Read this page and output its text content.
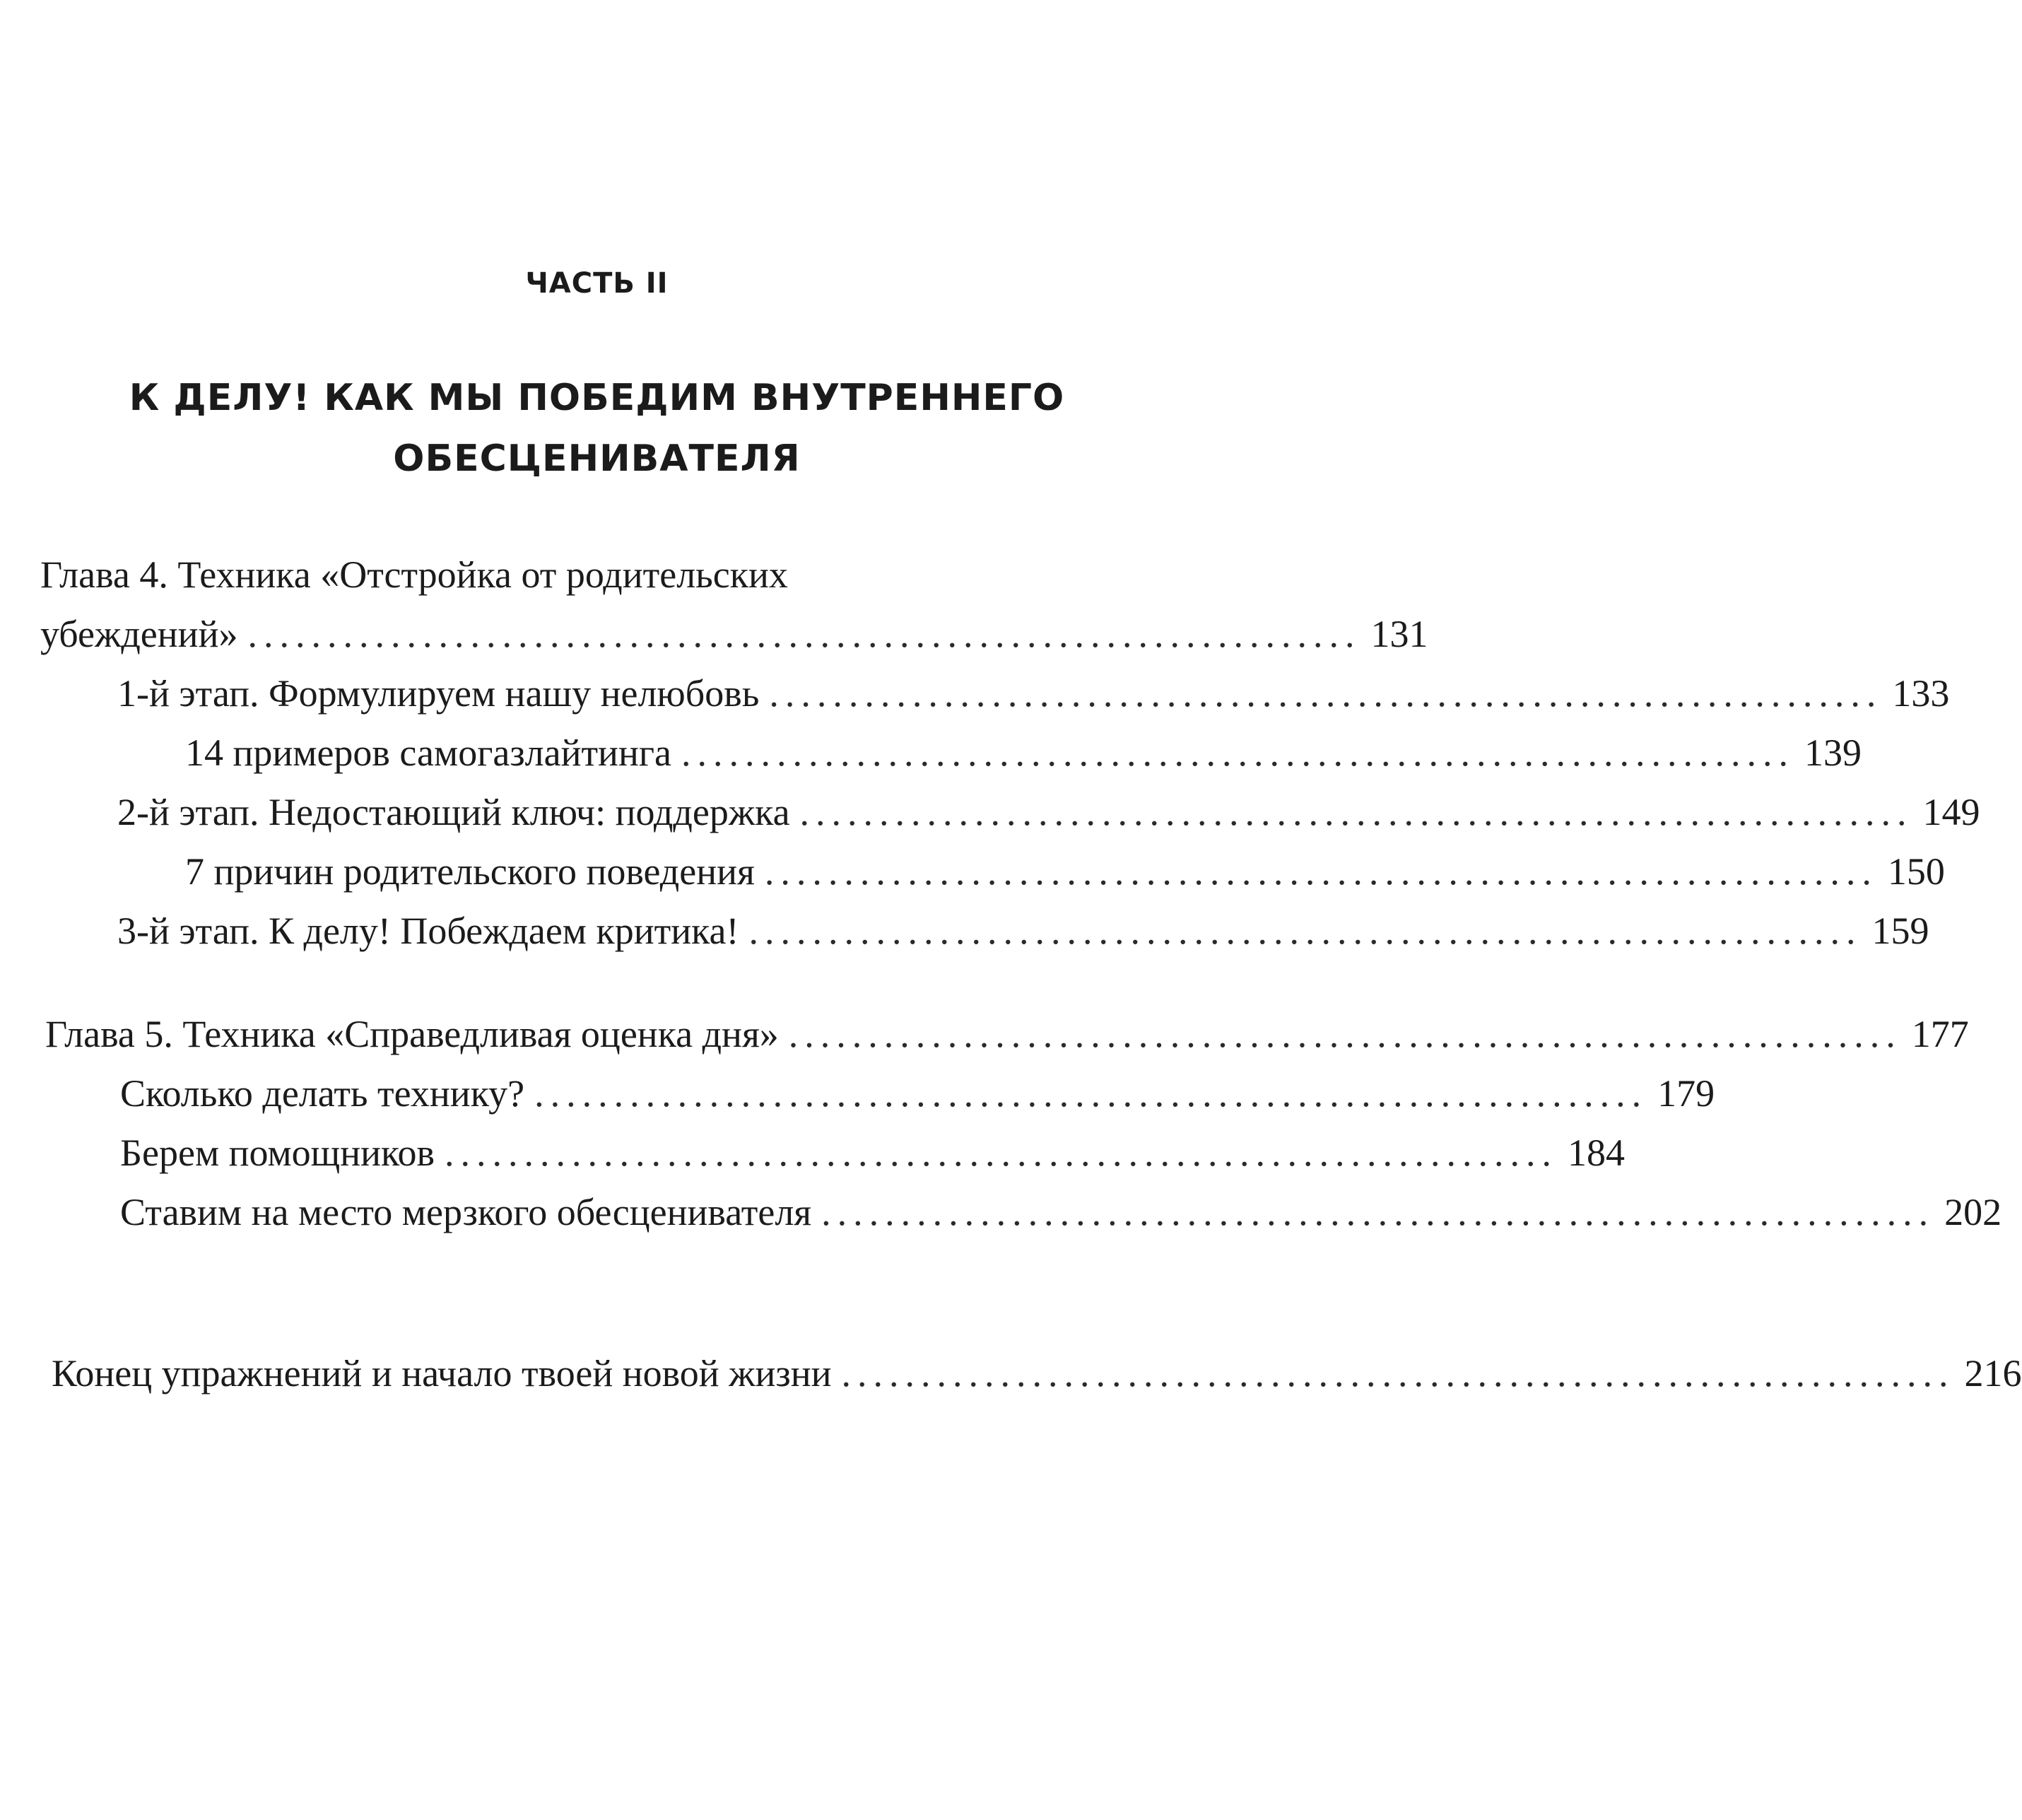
ЧАСТЬ II
К ДЕЛУ! КАК МЫ ПОБЕДИМ ВНУТРЕННЕГО ОБЕСЦЕНИВАТЕЛЯ
Глава 4. Техника «Отстройка от родительских
убеждений» ...................................................................... 131
1-й этап. Формулируем нашу нелюбовь ...................................................................... 133
14 примеров самогазлайтинга ...................................................................... 139
2-й этап. Недостающий ключ: поддержка ...................................................................... 149
7 причин родительского поведения ...................................................................... 150
3-й этап. К делу! Побеждаем критика! ...................................................................... 159
Глава 5. Техника «Справедливая оценка дня» ...................................................................... 177
Сколько делать технику? ...................................................................... 179
Берем помощников ...................................................................... 184
Ставим на место мерзкого обесценивателя ...................................................................... 202
Конец упражнений и начало твоей новой жизни ...................................................................... 216
